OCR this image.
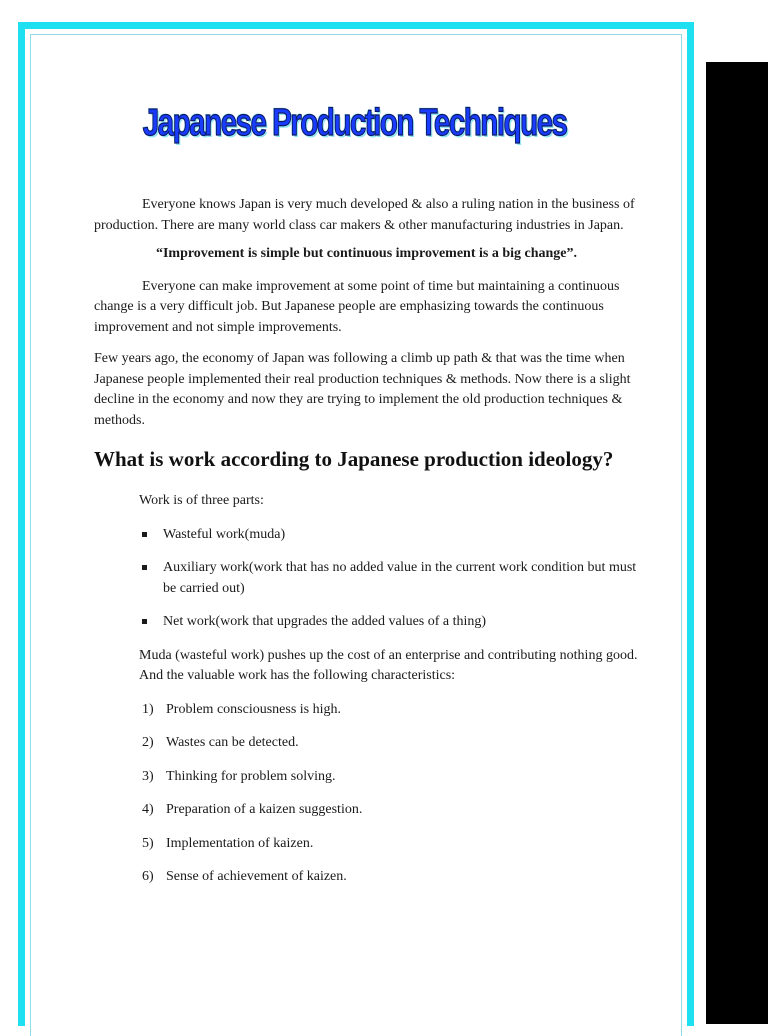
Japanese Production Techniques

Everyone knows Japan is very much developed & also a ruling nation in the business of production. There are many world class car makers & other manufacturing industries in Japan.

“Improvement is simple but continuous improvement is a big change”.

Everyone can make improvement at some point of time but maintaining a continuous change is a very difficult job. But Japanese people are emphasizing towards the continuous improvement and not simple improvements.

Few years ago, the economy of Japan was following a climb up path & that was the time when Japanese people implemented their real production techniques & methods. Now there is a slight decline in the economy and now they are trying to implement the old production techniques & methods.

What is work according to Japanese production ideology?

Work is of three parts:

Wasteful work(muda)
Auxiliary work(work that has no added value in the current work condition but must be carried out)
Net work(work that upgrades the added values of a thing)

Muda (wasteful work) pushes up the cost of an enterprise and contributing nothing good. And the valuable work has the following characteristics:

1) Problem consciousness is high.
2) Wastes can be detected.
3) Thinking for problem solving.
4) Preparation of a kaizen suggestion.
5) Implementation of kaizen.
6) Sense of achievement of kaizen.
